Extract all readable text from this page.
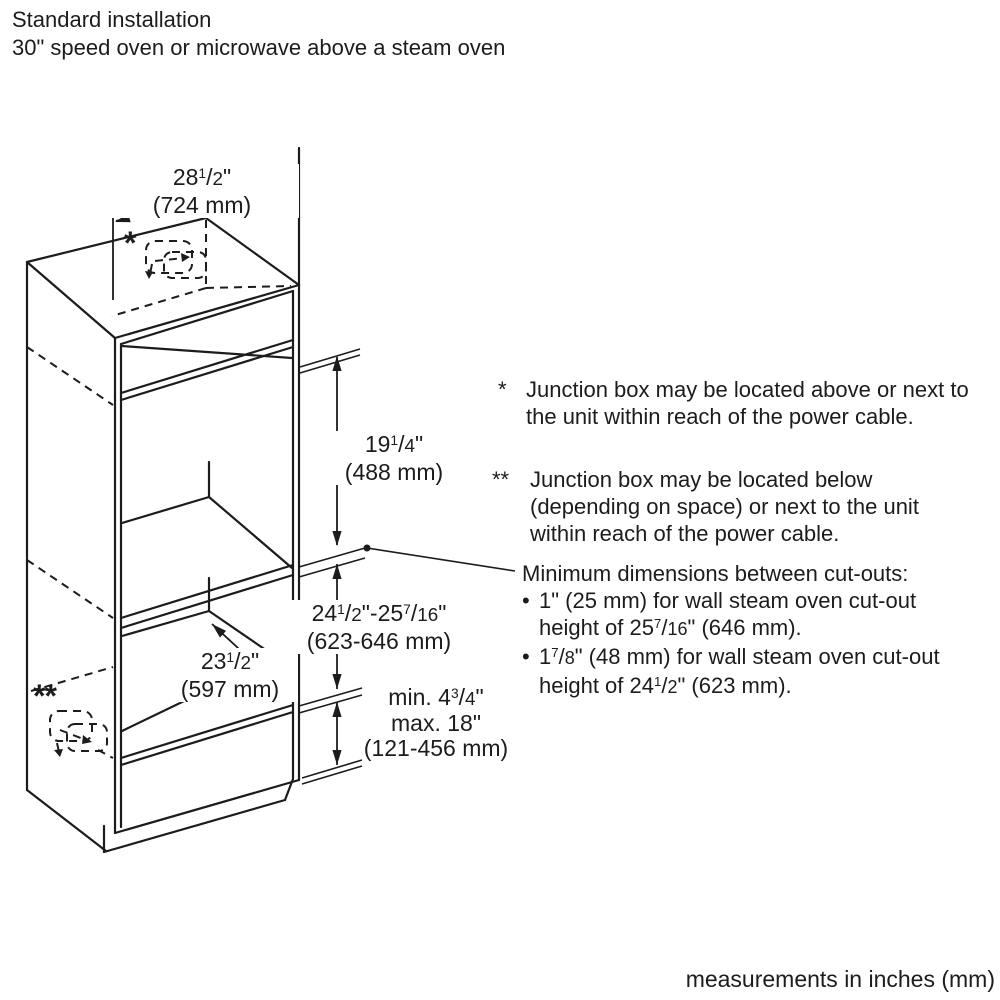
Standard installation
30" speed oven or microwave above a steam oven
*
**
$28^1/2$"
(724 mm)
$19^1/4$"
(488 mm)
$24^1/2"-25^7/16$"
(623-646 mm)
$23^1/2$"
(597 mm)	min. $4^3/4$"
max. 18"
(121-456 mm)
* Junction box may be located above or next to the unit within reach of the power cable.
** Junction box may be located below (depending on space) or next to the unit within reach of the power cable.
Minimum dimensions between cut-outs:
• 1" (25 mm) for wall steam oven cut-out height of $25^7/16$" (646 mm).
• $1^7/8$" (48 mm) for wall steam oven cut-out height of $24^1/2$" (623 mm).
measurements in inches (mm)
